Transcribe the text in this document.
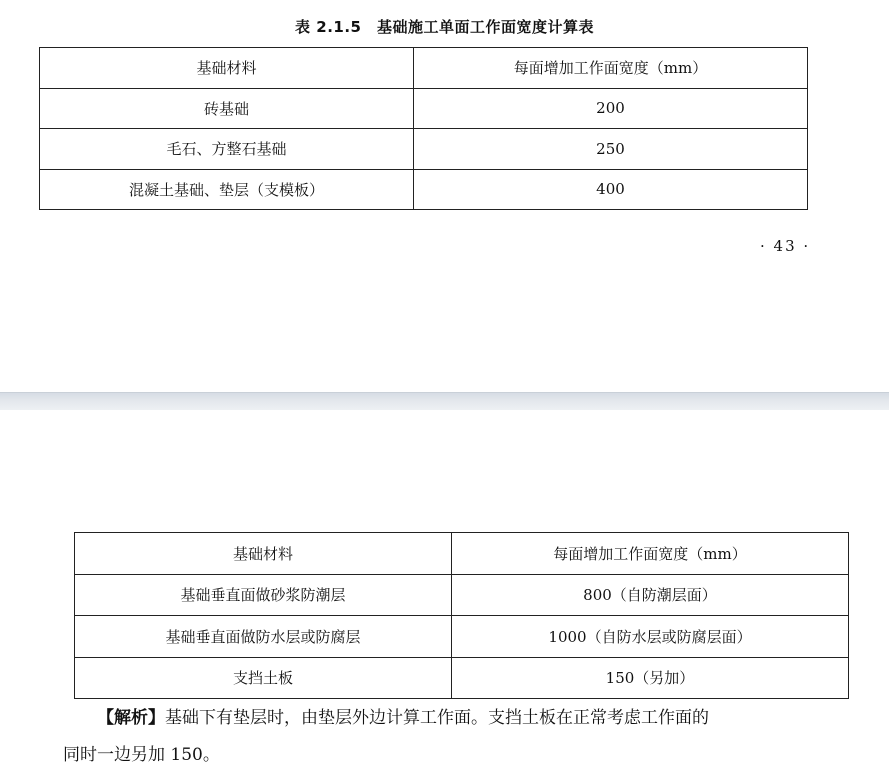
表 2.1.5　基础施工单面工作面宽度计算表
基础材料	每面增加工作面宽度（mm）
砖基础	200
毛石、方整石基础	250
混凝土基础、垫层（支模板）	400
· 43 ·
基础材料	每面增加工作面宽度（mm）
基础垂直面做砂浆防潮层	800（自防潮层面）
基础垂直面做防水层或防腐层	1000（自防水层或防腐层面）
支挡土板	150（另加）
【解析】基础下有垫层时，由垫层外边计算工作面。支挡土板在正常考虑工作面的
同时一边另加 150。
